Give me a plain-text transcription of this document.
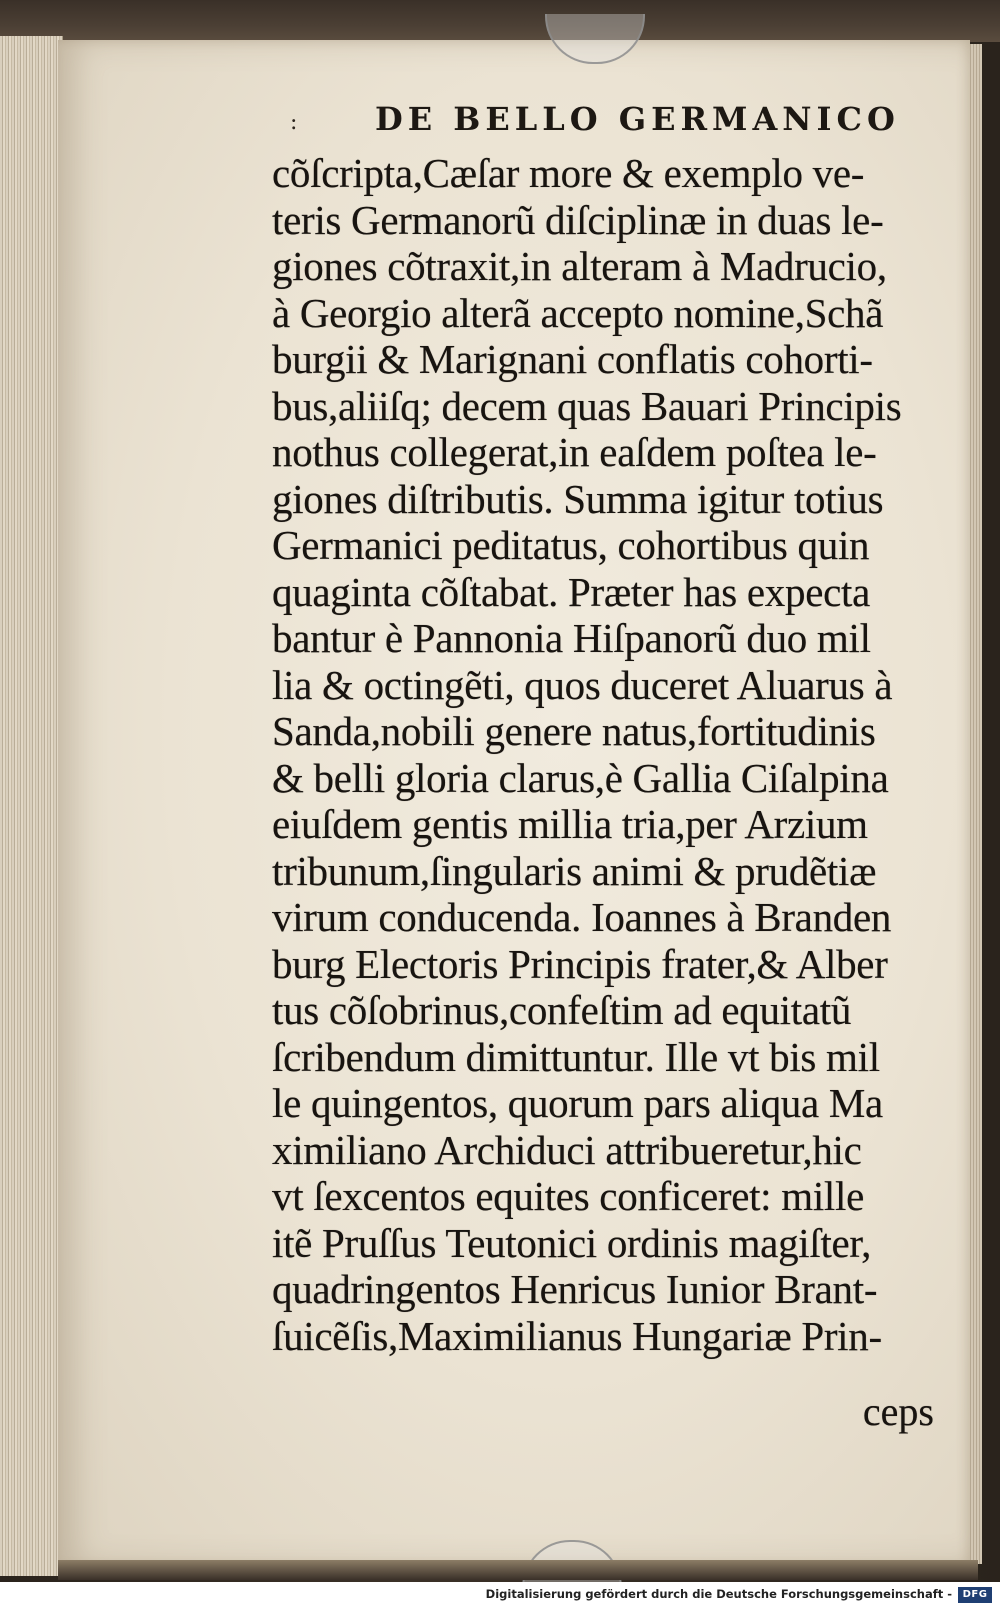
: DE BELLO GERMANICO
cõſcripta,Cæſar more & exemplo ve-
teris Germanorũ diſciplinæ in duas le-
giones cõtraxit,in alteram à Madrucio,
à Georgio alterã accepto nomine,Schã
burgii & Marignani conflatis cohorti-
bus,aliiſq; decem quas Bauari Principis
nothus collegerat,in eaſdem poſtea le-
giones diſtributis. Summa igitur totius
Germanici peditatus, cohortibus quin
quaginta cõſtabat. Præter has expecta
bantur è Pannonia Hiſpanorũ duo mil
lia & octingẽti, quos duceret Aluarus à
Sanda,nobili genere natus,fortitudinis
& belli gloria clarus,è Gallia Ciſalpina
eiuſdem gentis millia tria,per Arzium
tribunum,ſingularis animi & prudẽtiæ
virum conducenda. Ioannes à Branden
burg Electoris Principis frater,& Alber
tus cõſobrinus,confeſtim ad equitatũ
ſcribendum dimittuntur. Ille vt bis mil
le quingentos, quorum pars aliqua Ma
ximiliano Archiduci attribueretur,hic
vt ſexcentos equites conficeret: mille
itẽ Pruſſus Teutonici ordinis magiſter,
quadringentos Henricus Iunior Brant-
ſuicẽſis,Maximilianus Hungariæ Prin-
ceps
Digitalisierung gefördert durch die Deutsche Forschungsgemeinschaft -	DFG
